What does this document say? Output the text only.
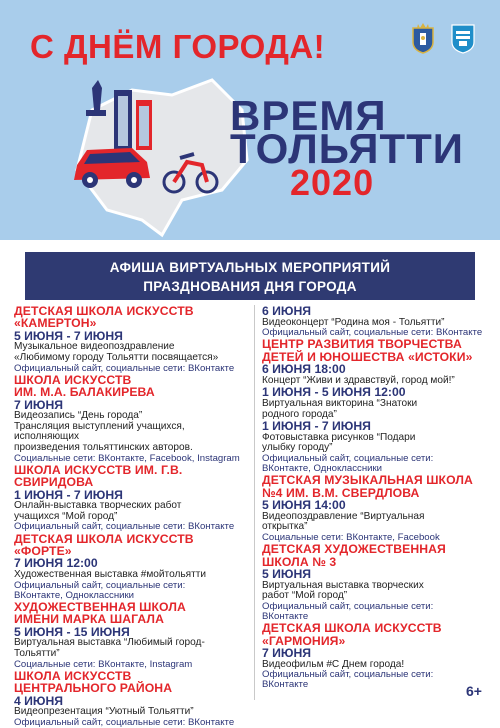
С ДНЁМ ГОРОДА!
ВРЕМЯ
ТОЛЬЯТТИ
2020
АФИША ВИРТУАЛЬНЫХ МЕРОПРИЯТИЙ
ПРАЗДНОВАНИЯ ДНЯ ГОРОДА
ДЕТСКАЯ ШКОЛА ИСКУССТВ
«КАМЕРТОН»
5 ИЮНЯ - 7 ИЮНЯ
Музыкальное видеопоздравление
«Любимому городу Тольятти посвящается»
Официальный сайт, социальные сети: ВКонтакте
ШКОЛА ИСКУССТВ
ИМ. М.А. БАЛАКИРЕВА
7 ИЮНЯ
Видеозапись “День города”
Трансляция выступлений учащихся, исполняющих
произведения тольяттинских авторов.
Социальные сети: ВКонтакте, Facebook, Instagram
ШКОЛА ИСКУССТВ ИМ. Г.В. СВИРИДОВА
1 ИЮНЯ - 7 ИЮНЯ
Онлайн-выставка творческих работ
учащихся “Мой город”
Официальный сайт, социальные сети: ВКонтакте
ДЕТСКАЯ ШКОЛА ИСКУССТВ «ФОРТЕ»
7 ИЮНЯ 12:00
Художественная выставка #мойтольятти
Официальный сайт, социальные сети:
ВКонтакте, Одноклассники
ХУДОЖЕСТВЕННАЯ ШКОЛА
ИМЕНИ МАРКА ШАГАЛА
5 ИЮНЯ - 15 ИЮНЯ
Виртуальная выставка “Любимый город-
Тольятти”
Социальные сети: ВКонтакте, Instagram
ШКОЛА ИСКУССТВ
ЦЕНТРАЛЬНОГО РАЙОНА
4 ИЮНЯ
Видеопрезентация “Уютный Тольятти”
Официальный сайт, социальные сети: ВКонтакте
6 ИЮНЯ
Видеоконцерт “Родина моя - Тольятти”
Официальный сайт, социальные сети: ВКонтакте
ЦЕНТР РАЗВИТИЯ ТВОРЧЕСТВА
ДЕТЕЙ И ЮНОШЕСТВА «ИСТОКИ»
6 ИЮНЯ 18:00
Концерт “Живи и здравствуй, город мой!”
1 ИЮНЯ - 5 ИЮНЯ 12:00
Виртуальная викторина “Знатоки
родного города”
1 ИЮНЯ - 7 ИЮНЯ
Фотовыставка рисунков “Подари
улыбку городу”
Официальный сайт, социальные сети:
ВКонтакте, Одноклассники
ДЕТСКАЯ МУЗЫКАЛЬНАЯ ШКОЛА
№4 ИМ. В.М. СВЕРДЛОВА
5 ИЮНЯ 14:00
Видеопоздравление “Виртуальная
открытка”
Социальные сети: ВКонтакте, Facebook
ДЕТСКАЯ ХУДОЖЕСТВЕННАЯ
ШКОЛА № 3
5 ИЮНЯ
Виртуальная выставка творческих
работ “Мой город”
Официальный сайт, социальные сети:
ВКонтакте
ДЕТСКАЯ ШКОЛА ИСКУССТВ
«ГАРМОНИЯ»
7 ИЮНЯ
Видеофильм #С Днем города!
Официальный сайт, социальные сети:
ВКонтакте	6+
